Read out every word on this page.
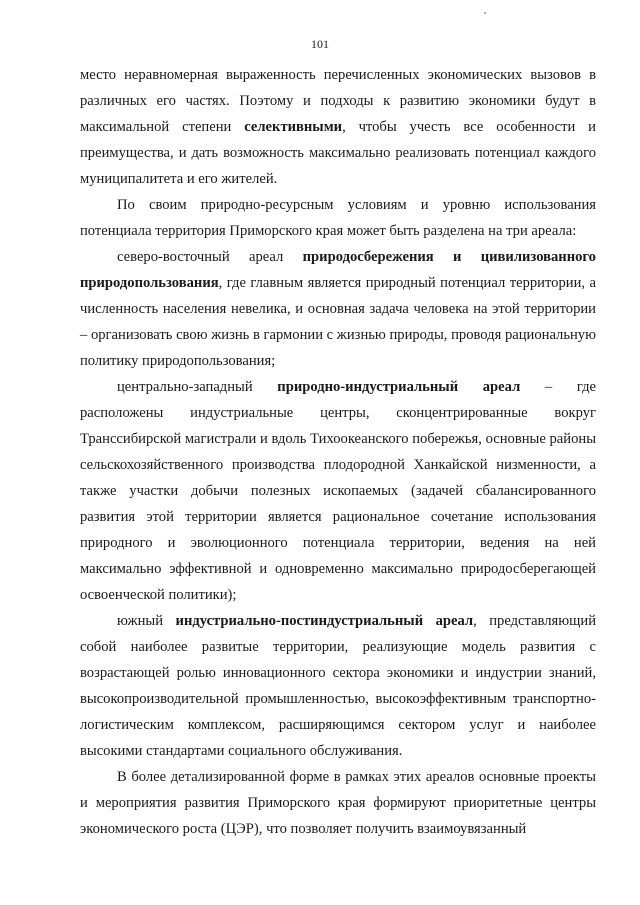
101

место неравномерная выраженность перечисленных экономических вызовов в различных его частях. Поэтому и подходы к развитию экономики будут в максимальной степени селективными, чтобы учесть все особенности и преимущества, и дать возможность максимально реализовать потенциал каждого муниципалитета и его жителей.

По своим природно-ресурсным условиям и уровню использования потенциала территория Приморского края может быть разделена на три ареала:

северо-восточный ареал природосбережения и цивилизованного природопользования, где главным является природный потенциал территории, а численность населения невелика, и основная задача человека на этой территории – организовать свою жизнь в гармонии с жизнью природы, проводя рациональную политику природопользования;

центрально-западный природно-индустриальный ареал – где расположены индустриальные центры, сконцентрированные вокруг Транссибирской магистрали и вдоль Тихоокеанского побережья, основные районы сельскохозяйственного производства плодородной Ханкайской низменности, а также участки добычи полезных ископаемых (задачей сбалансированного развития этой территории является рациональное сочетание использования природного и эволюционного потенциала территории, ведения на ней максимально эффективной и одновременно максимально природосберегающей освоенческой политики);

южный индустриально-постиндустриальный ареал, представляющий собой наиболее развитые территории, реализующие модель развития с возрастающей ролью инновационного сектора экономики и индустрии знаний, высокопроизводительной промышленностью, высокоэффективным транспортно-логистическим комплексом, расширяющимся сектором услуг и наиболее высокими стандартами социального обслуживания.

В более детализированной форме в рамках этих ареалов основные проекты и мероприятия развития Приморского края формируют приоритетные центры экономического роста (ЦЭР), что позволяет получить взаимоувязанный
